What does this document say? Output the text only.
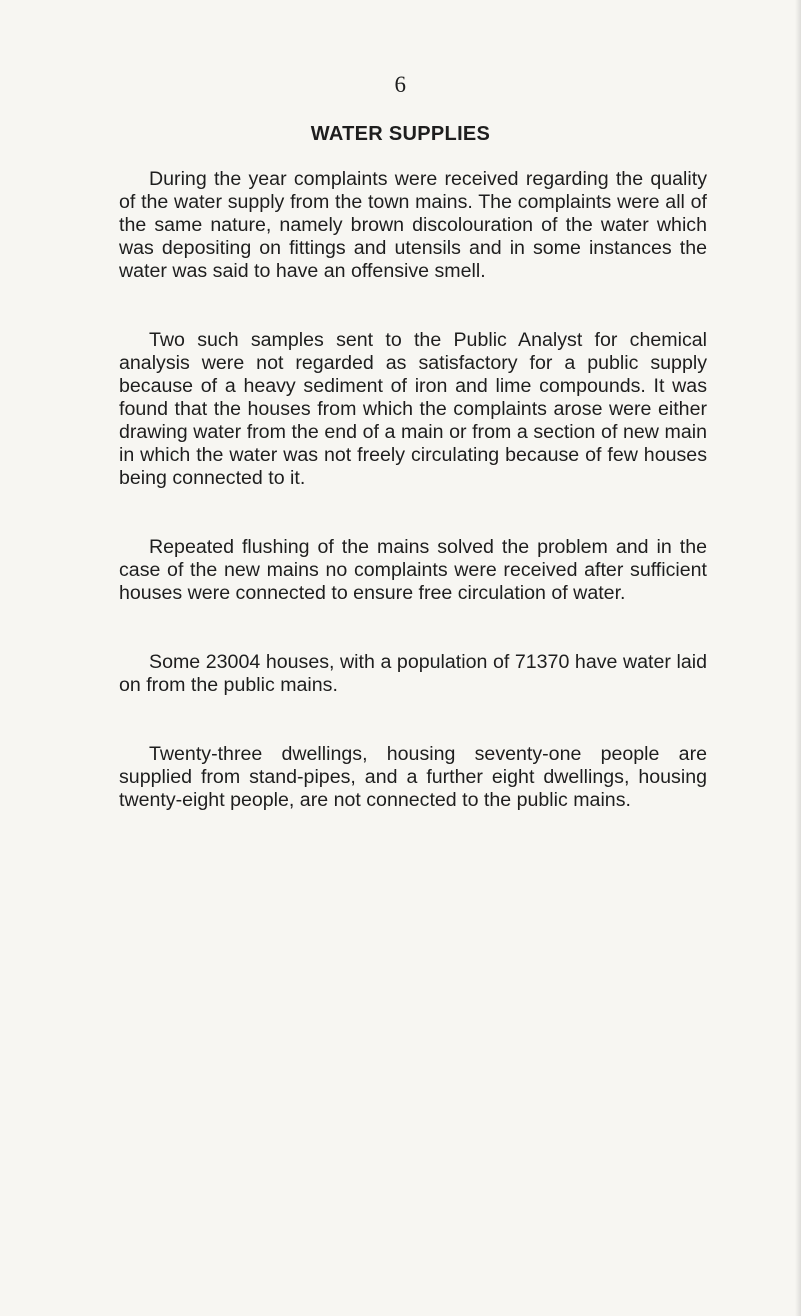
6
WATER SUPPLIES

During the year complaints were received regarding the quality of the water supply from the town mains. The complaints were all of the same nature, namely brown discolouration of the water which was depositing on fittings and utensils and in some instances the water was said to have an offensive smell.

Two such samples sent to the Public Analyst for chemical analysis were not regarded as satisfactory for a public supply because of a heavy sediment of iron and lime compounds. It was found that the houses from which the complaints arose were either drawing water from the end of a main or from a section of new main in which the water was not freely circulating because of few houses being connected to it.

Repeated flushing of the mains solved the problem and in the case of the new mains no complaints were received after sufficient houses were connected to ensure free circulation of water.

Some 23004 houses, with a population of 71370 have water laid on from the public mains.

Twenty-three dwellings, housing seventy-one people are supplied from stand-pipes, and a further eight dwellings, housing twenty-eight people, are not connected to the public mains.
